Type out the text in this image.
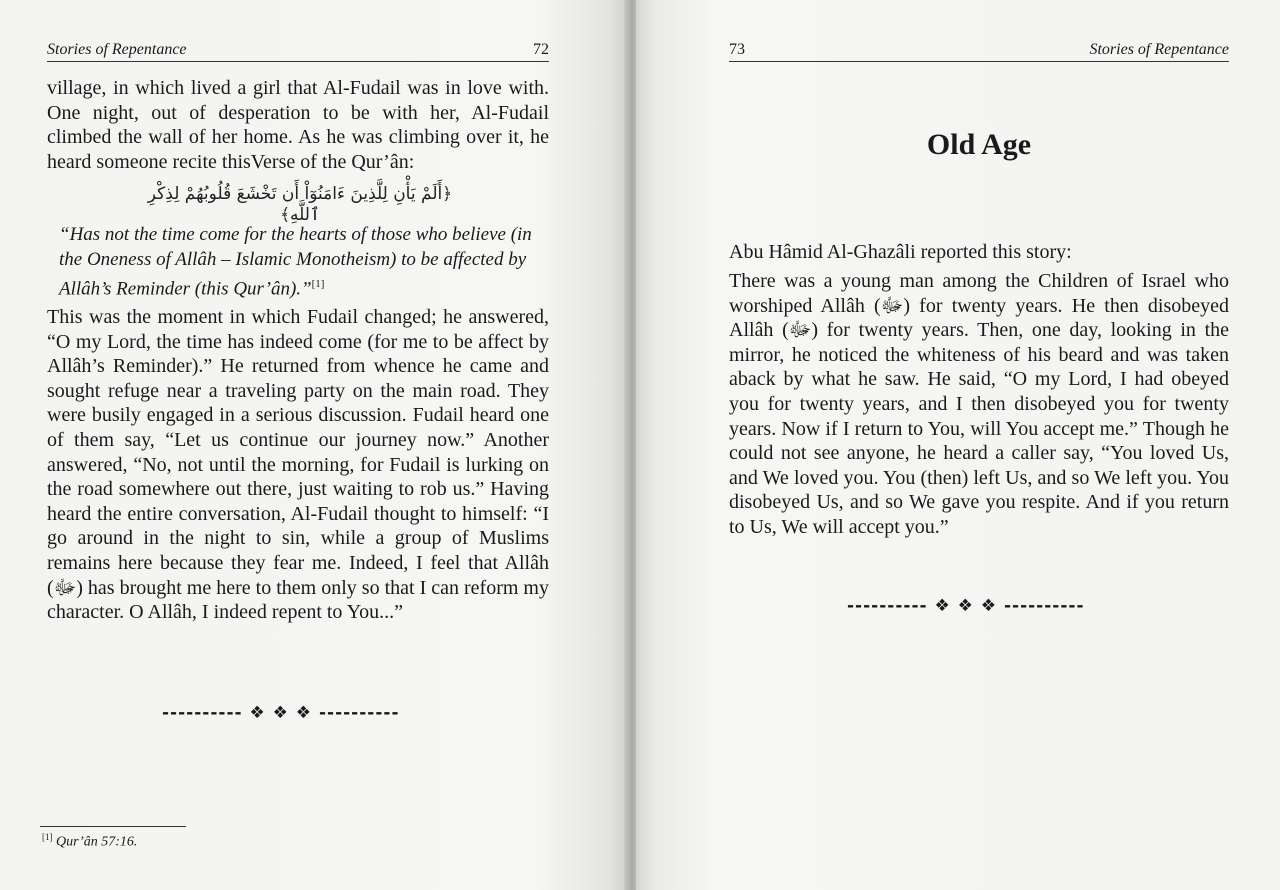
Stories of Repentance	72

village, in which lived a girl that Al-Fudail was in love with. One night, out of desperation to be with her, Al-Fudail climbed the wall of her home. As he was climbing over it, he heard someone recite thisVerse of the Qur’ân:

﴿أَلَمْ يَأْنِ لِلَّذِينَ ءَامَنُوٓاْ أَن تَخْشَعَ قُلُوبُهُمْ لِذِكْرِ ٱللَّهِ﴾

“Has not the time come for the hearts of those who believe (in the Oneness of Allâh – Islamic Monotheism) to be affected by Allâh’s Reminder (this Qur’ân).”[1]

This was the moment in which Fudail changed; he answered, “O my Lord, the time has indeed come (for me to be affect by Allâh’s Reminder).” He returned from whence he came and sought refuge near a traveling party on the main road. They were busily engaged in a serious discussion. Fudail heard one of them say, “Let us continue our journey now.” Another answered, “No, not until the morning, for Fudail is lurking on the road somewhere out there, just waiting to rob us.” Having heard the entire conversation, Al-Fudail thought to himself: “I go around in the night to sin, while a group of Muslims remains here because they fear me. Indeed, I feel that Allâh (ﷻ) has brought me here to them only so that I can reform my character. O Allâh, I indeed repent to You...”

---------- ❖ ❖ ❖ ----------
[1] Qur’ân 57:16.
73	Stories of Repentance
Old Age

Abu Hâmid Al-Ghazâli reported this story:

There was a young man among the Children of Israel who worshiped Allâh (ﷻ) for twenty years. He then disobeyed Allâh (ﷻ) for twenty years. Then, one day, looking in the mirror, he noticed the whiteness of his beard and was taken aback by what he saw. He said, “O my Lord, I had obeyed you for twenty years, and I then disobeyed you for twenty years. Now if I return to You, will You accept me.” Though he could not see anyone, he heard a caller say, “You loved Us, and We loved you. You (then) left Us, and so We left you. You disobeyed Us, and so We gave you respite. And if you return to Us, We will accept you.”

---------- ❖ ❖ ❖ ----------
